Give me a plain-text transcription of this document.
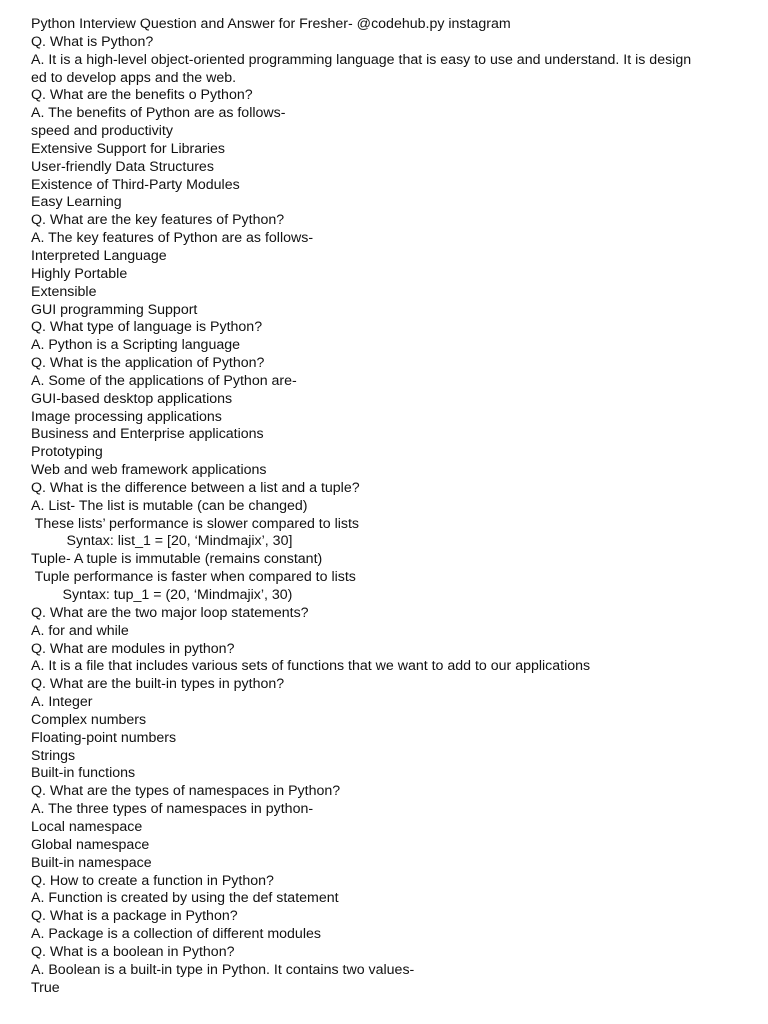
Python Interview Question and Answer for Fresher- @codehub.py instagram
Q. What is Python?
A. It is a high-level object-oriented programming language that is easy to use and understand. It is design
ed to develop apps and the web.
Q. What are the benefits o Python?
A. The benefits of Python are as follows-
speed and productivity
Extensive Support for Libraries
User-friendly Data Structures
Existence of Third-Party Modules
Easy Learning
Q. What are the key features of Python?
A. The key features of Python are as follows-
Interpreted Language
Highly Portable
Extensible
GUI programming Support
Q. What type of language is Python?
A. Python is a Scripting language
Q. What is the application of Python?
A. Some of the applications of Python are-
GUI-based desktop applications
Image processing applications
Business and Enterprise applications
Prototyping
Web and web framework applications
Q. What is the difference between a list and a tuple?
A. List- The list is mutable (can be changed)
These lists’ performance is slower compared to lists
Syntax: list_1 = [20, ‘Mindmajix’, 30]
Tuple- A tuple is immutable (remains constant)
Tuple performance is faster when compared to lists
Syntax: tup_1 = (20, ‘Mindmajix’, 30)
Q. What are the two major loop statements?
A. for and while
Q. What are modules in python?
A. It is a file that includes various sets of functions that we want to add to our applications
Q. What are the built-in types in python?
A. Integer
Complex numbers
Floating-point numbers
Strings
Built-in functions
Q. What are the types of namespaces in Python?
A. The three types of namespaces in python-
Local namespace
Global namespace
Built-in namespace
Q. How to create a function in Python?
A. Function is created by using the def statement
Q. What is a package in Python?
A. Package is a collection of different modules
Q. What is a boolean in Python?
A. Boolean is a built-in type in Python. It contains two values-
True
